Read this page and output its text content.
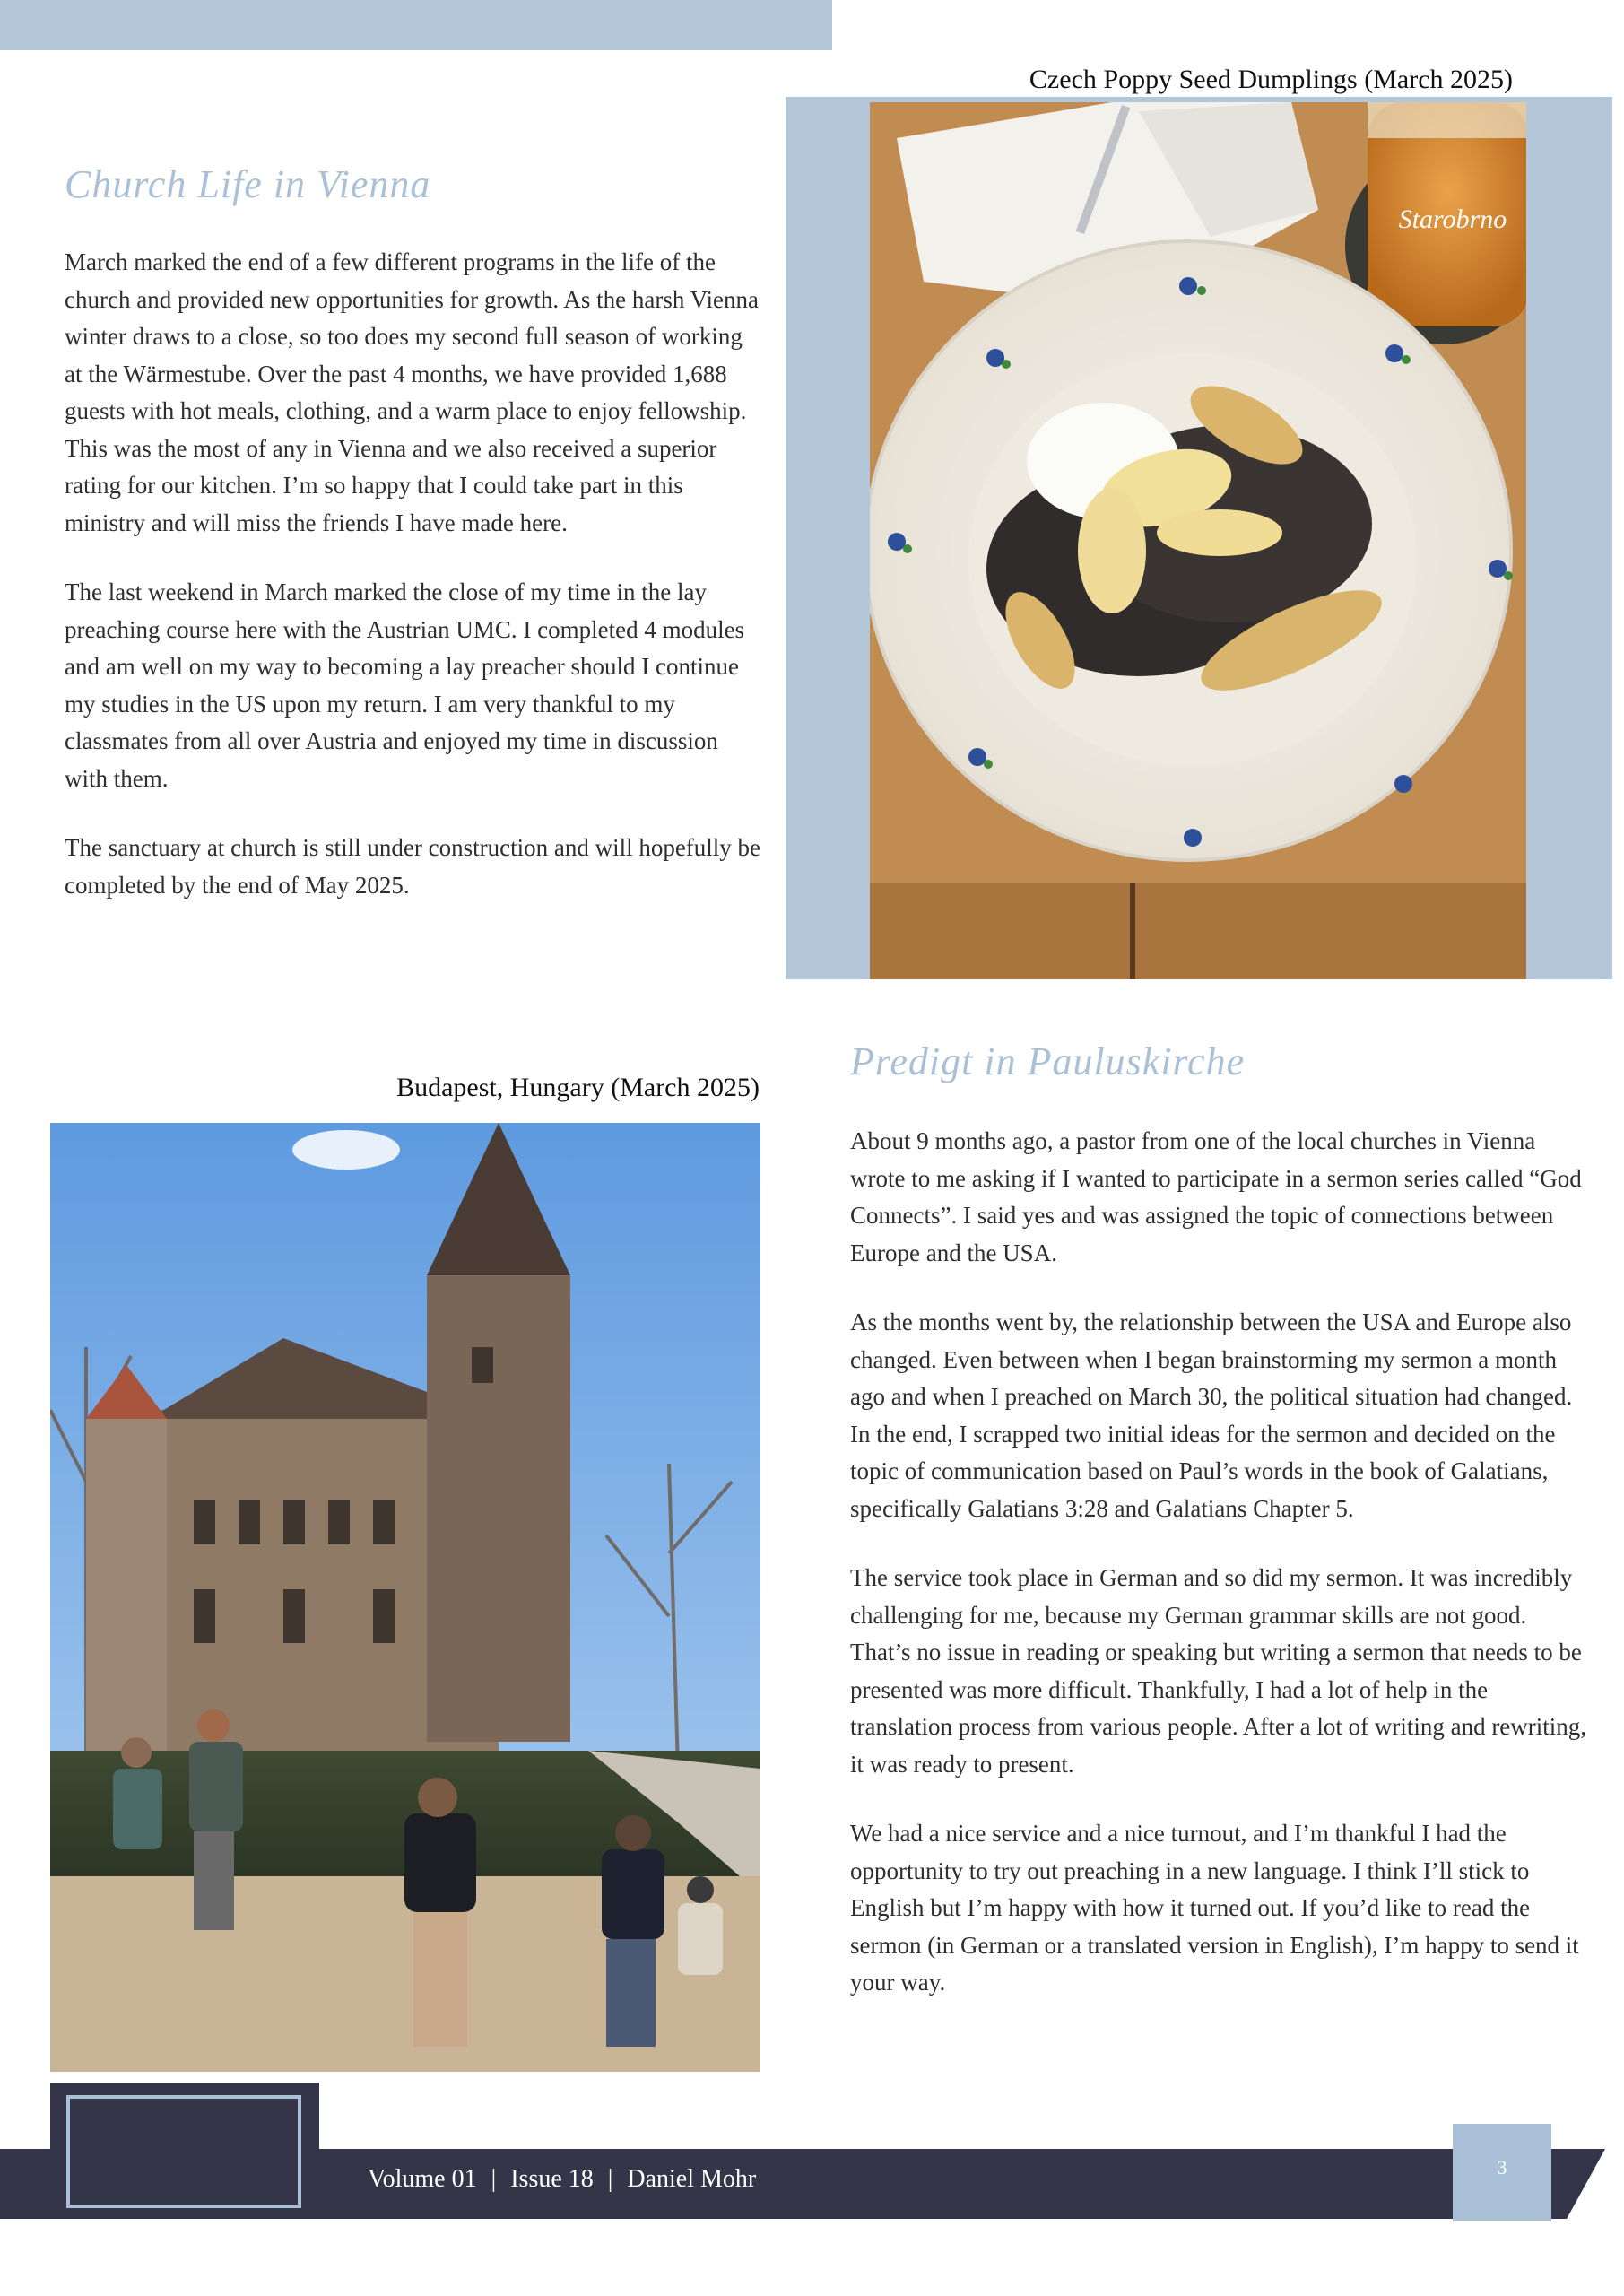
Church Life in Vienna

March marked the end of a few different programs in the life of the church and provided new opportunities for growth. As the harsh Vienna winter draws to a close, so too does my second full season of working at the Wärmestube. Over the past 4 months, we have provided 1,688 guests with hot meals, clothing, and a warm place to enjoy fellowship. This was the most of any in Vienna and we also received a superior rating for our kitchen. I’m so happy that I could take part in this ministry and will miss the friends I have made here.

The last weekend in March marked the close of my time in the lay preaching course here with the Austrian UMC. I completed 4 modules and am well on my way to becoming a lay preacher should I continue my studies in the US upon my return. I am very thankful to my classmates from all over Austria and enjoyed my time in discussion with them.

The sanctuary at church is still under construction and will hopefully be completed by the end of May 2025.

Czech Poppy Seed Dumplings (March 2025)
Starobrno
Predigt in Pauluskirche

About 9 months ago, a pastor from one of the local churches in Vienna wrote to me asking if I wanted to participate in a sermon series called “God Connects”. I said yes and was assigned the topic of connections between Europe and the USA.

As the months went by, the relationship between the USA and Europe also changed. Even between when I began brainstorming my sermon a month ago and when I preached on March 30, the political situation had changed. In the end, I scrapped two initial ideas for the sermon and decided on the topic of communication based on Paul’s words in the book of Galatians, specifically Galatians 3:28 and Galatians Chapter 5.

The service took place in German and so did my sermon. It was incredibly challenging for me, because my German grammar skills are not good. That’s no issue in reading or speaking but writing a sermon that needs to be presented was more difficult. Thankfully, I had a lot of help in the translation process from various people. After a lot of writing and rewriting, it was ready to present.

We had a nice service and a nice turnout, and I’m thankful I had the opportunity to try out preaching in a new language. I think I’ll stick to English but I’m happy with how it turned out. If you’d like to read the sermon (in German or a translated version in English), I’m happy to send it your way.

Budapest, Hungary (March 2025)
Volume 01 | Issue 18 | Daniel Mohr	3
